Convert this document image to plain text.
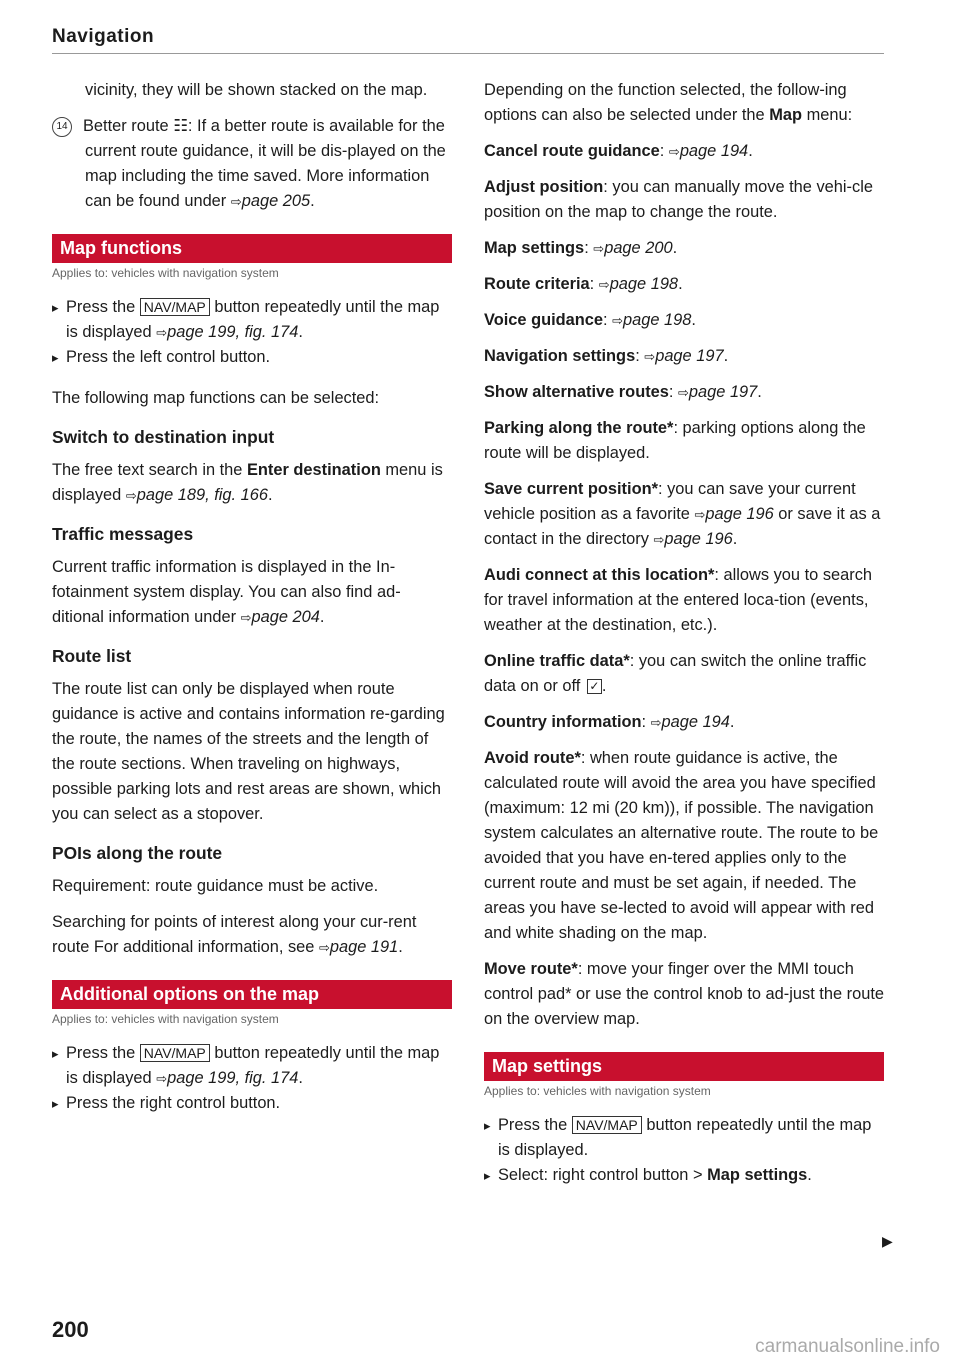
Navigation

vicinity, they will be shown stacked on the map.

14 Better route ☷: If a better route is available for the current route guidance, it will be dis-played on the map including the time saved. More information can be found under ⇨page 205.

Map functions
Applies to: vehicles with navigation system

▸ Press the NAV/MAP button repeatedly until the map is displayed ⇨page 199, fig. 174.

▸ Press the left control button.

The following map functions can be selected:

Switch to destination input

The free text search in the Enter destination menu is displayed ⇨page 189, fig. 166.

Traffic messages

Current traffic information is displayed in the In-fotainment system display. You can also find ad-ditional information under ⇨page 204.

Route list

The route list can only be displayed when route guidance is active and contains information re-garding the route, the names of the streets and the length of the route sections. When traveling on highways, possible parking lots and rest areas are shown, which you can select as a stopover.

POIs along the route

Requirement: route guidance must be active.

Searching for points of interest along your cur-rent route For additional information, see ⇨page 191.

Additional options on the map
Applies to: vehicles with navigation system

▸ Press the NAV/MAP button repeatedly until the map is displayed ⇨page 199, fig. 174.

▸ Press the right control button.

Depending on the function selected, the follow-ing options can also be selected under the Map menu:

Cancel route guidance: ⇨page 194.

Adjust position: you can manually move the vehi-cle position on the map to change the route.

Map settings: ⇨page 200.

Route criteria: ⇨page 198.

Voice guidance: ⇨page 198.

Navigation settings: ⇨page 197.

Show alternative routes: ⇨page 197.

Parking along the route*: parking options along the route will be displayed.

Save current position*: you can save your current vehicle position as a favorite ⇨page 196 or save it as a contact in the directory ⇨page 196.

Audi connect at this location*: allows you to search for travel information at the entered loca-tion (events, weather at the destination, etc.).

Online traffic data*: you can switch the online traffic data on or off ✓ .

Country information: ⇨page 194.

Avoid route*: when route guidance is active, the calculated route will avoid the area you have specified (maximum: 12 mi (20 km)), if possible. The navigation system calculates an alternative route. The route to be avoided that you have en-tered applies only to the current route and must be set again, if needed. The areas you have se-lected to avoid will appear with red and white shading on the map.

Move route*: move your finger over the MMI touch control pad* or use the control knob to ad-just the route on the overview map.

Map settings
Applies to: vehicles with navigation system

▸ Press the NAV/MAP button repeatedly until the map is displayed.

▸ Select: right control button > Map settings.

▶
200
carmanualsonline.info
